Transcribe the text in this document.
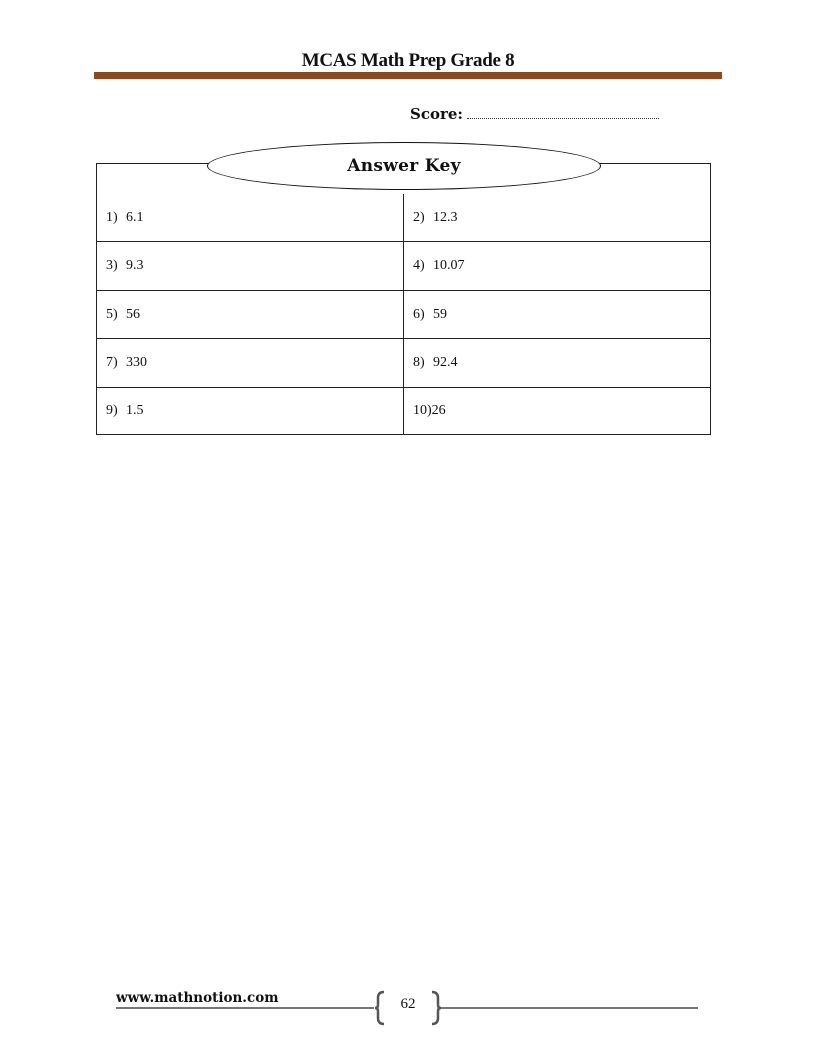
MCAS Math Prep Grade 8
Score:
1) 6.1	2) 12.3
3) 9.3	4) 10.07
5) 56	6) 59
7) 330	8) 92.4
9) 1.5	10) 26
Answer Key
www.mathnotion.com	62
